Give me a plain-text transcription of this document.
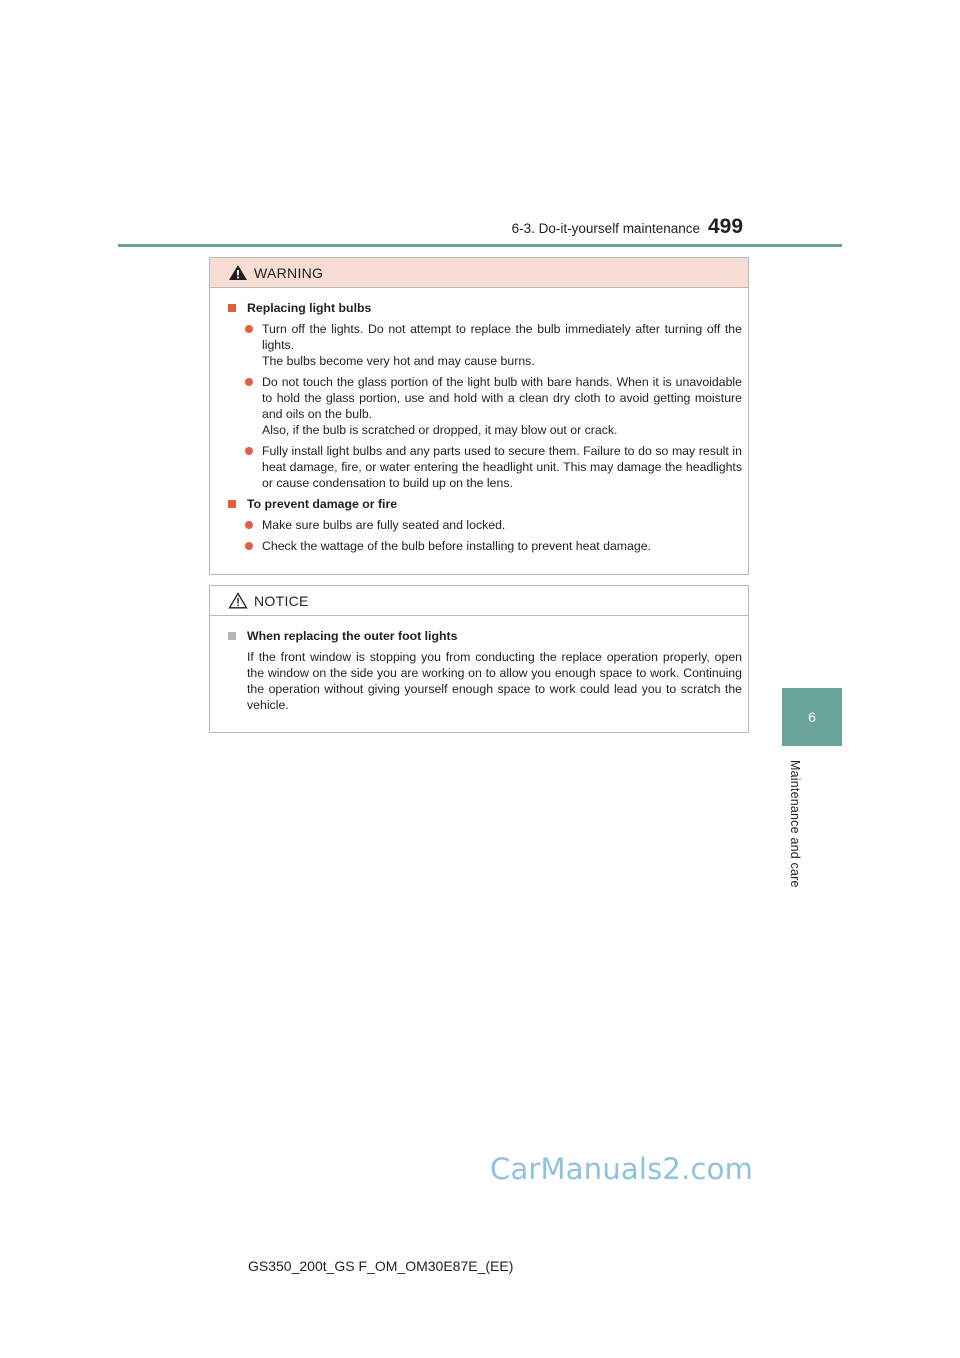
6-3. Do-it-yourself maintenance 499
6
Maintenance and care
WARNING
Replacing light bulbs
Turn off the lights. Do not attempt to replace the bulb immediately after turning off the lights.
The bulbs become very hot and may cause burns.
Do not touch the glass portion of the light bulb with bare hands. When it is unavoidable to hold the glass portion, use and hold with a clean dry cloth to avoid getting moisture and oils on the bulb.
Also, if the bulb is scratched or dropped, it may blow out or crack.
Fully install light bulbs and any parts used to secure them. Failure to do so may result in heat damage, fire, or water entering the headlight unit. This may damage the headlights or cause condensation to build up on the lens.
To prevent damage or fire
Make sure bulbs are fully seated and locked.
Check the wattage of the bulb before installing to prevent heat damage.
NOTICE
When replacing the outer foot lights
If the front window is stopping you from conducting the replace operation properly, open the window on the side you are working on to allow you enough space to work. Continuing the operation without giving yourself enough space to work could lead you to scratch the vehicle.
CarManuals2.com
GS350_200t_GS F_OM_OM30E87E_(EE)
